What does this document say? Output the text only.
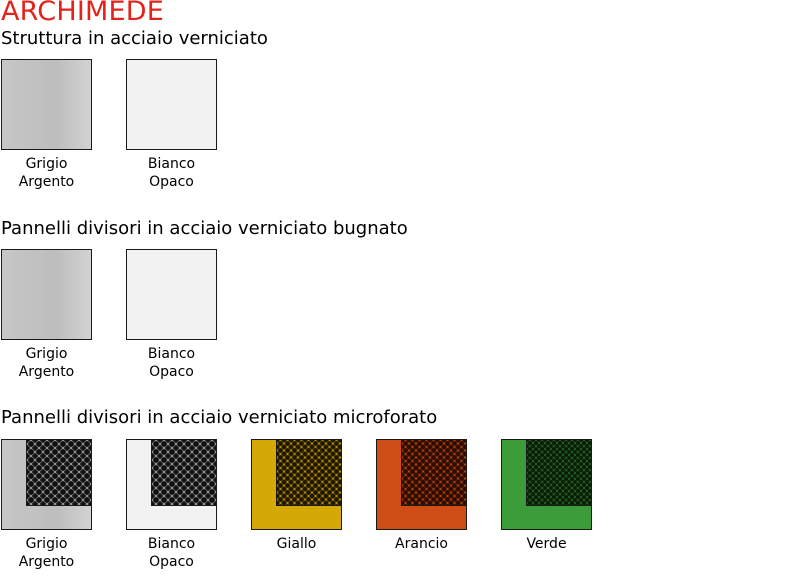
ARCHIMEDE
Struttura in acciaio verniciato
Grigio
Argento
Bianco
Opaco
Pannelli divisori in acciaio verniciato bugnato
Grigio
Argento
Bianco
Opaco
Pannelli divisori in acciaio verniciato microforato
Grigio
Argento
Bianco
Opaco
Giallo	Arancio	Verde
